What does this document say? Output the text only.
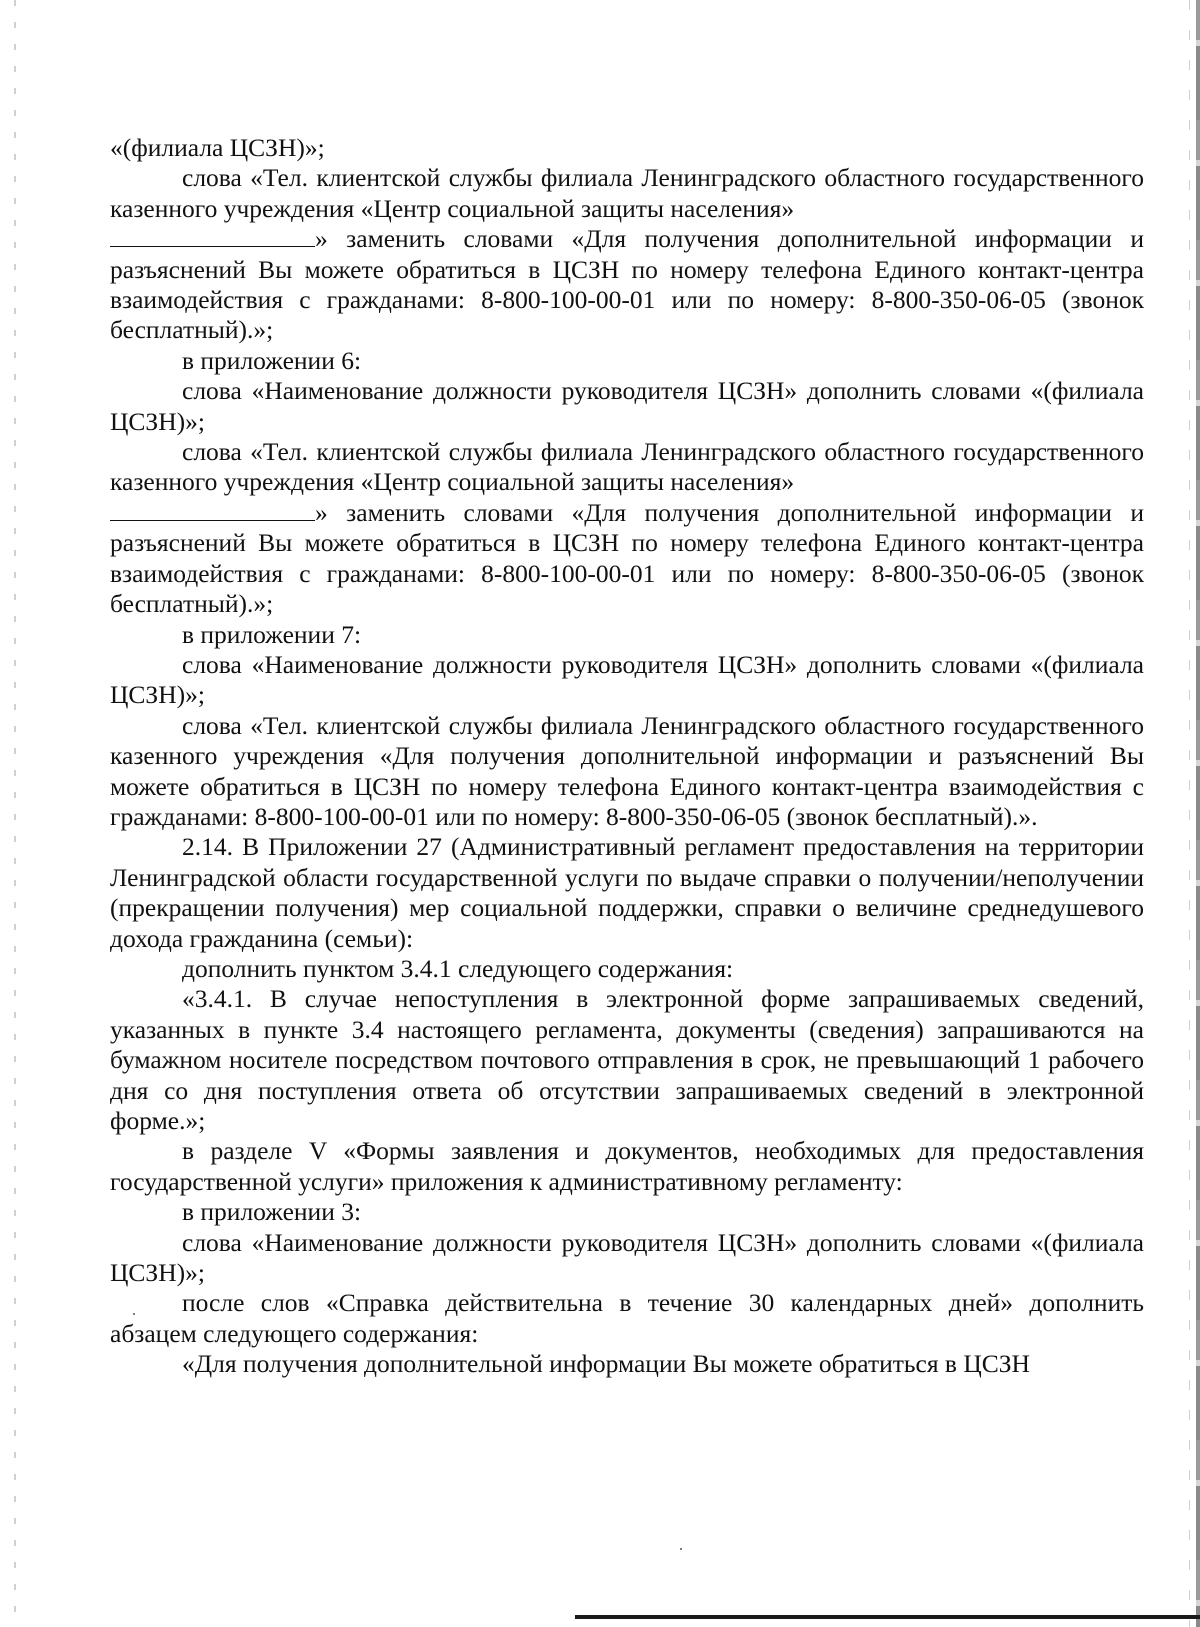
«(филиала ЦСЗН)»;

слова «Тел. клиентской службы филиала Ленинградского областного государственного казенного учреждения «Центр социальной защиты населения»

» заменить словами «Для получения дополнительной информации и разъяснений Вы можете обратиться в ЦСЗН по номеру телефона Единого контакт-центра взаимодействия с гражданами: 8-800-100-00-01 или по номеру: 8-800-350-06-05 (звонок бесплатный).»;

в приложении 6:

слова «Наименование должности руководителя ЦСЗН» дополнить словами «(филиала ЦСЗН)»;

слова «Тел. клиентской службы филиала Ленинградского областного государственного казенного учреждения «Центр социальной защиты населения»

» заменить словами «Для получения дополнительной информации и разъяснений Вы можете обратиться в ЦСЗН по номеру телефона Единого контакт-центра взаимодействия с гражданами: 8-800-100-00-01 или по номеру: 8-800-350-06-05 (звонок бесплатный).»;

в приложении 7:

слова «Наименование должности руководителя ЦСЗН» дополнить словами «(филиала ЦСЗН)»;

слова «Тел. клиентской службы филиала Ленинградского областного государственного казенного учреждения «Для получения дополнительной информации и разъяснений Вы можете обратиться в ЦСЗН по номеру телефона Единого контакт-центра взаимодействия с гражданами: 8-800-100-00-01 или по номеру: 8-800-350-06-05 (звонок бесплатный).».

2.14. В Приложении 27 (Административный регламент предоставления на территории Ленинградской области государственной услуги по выдаче справки о получении/неполучении (прекращении получения) мер социальной поддержки, справки о величине среднедушевого дохода гражданина (семьи):

дополнить пунктом 3.4.1 следующего содержания:

«3.4.1. В случае непоступления в электронной форме запрашиваемых сведений, указанных в пункте 3.4 настоящего регламента, документы (сведения) запрашиваются на бумажном носителе посредством почтового отправления в срок, не превышающий 1 рабочего дня со дня поступления ответа об отсутствии запрашиваемых сведений в электронной форме.»;

в разделе V «Формы заявления и документов, необходимых для предоставления государственной услуги» приложения к административному регламенту:

в приложении 3:

слова «Наименование должности руководителя ЦСЗН» дополнить словами «(филиала ЦСЗН)»;

после слов «Справка действительна в течение 30 календарных дней» дополнить абзацем следующего содержания:

«Для получения дополнительной информации Вы можете обратиться в ЦСЗН
